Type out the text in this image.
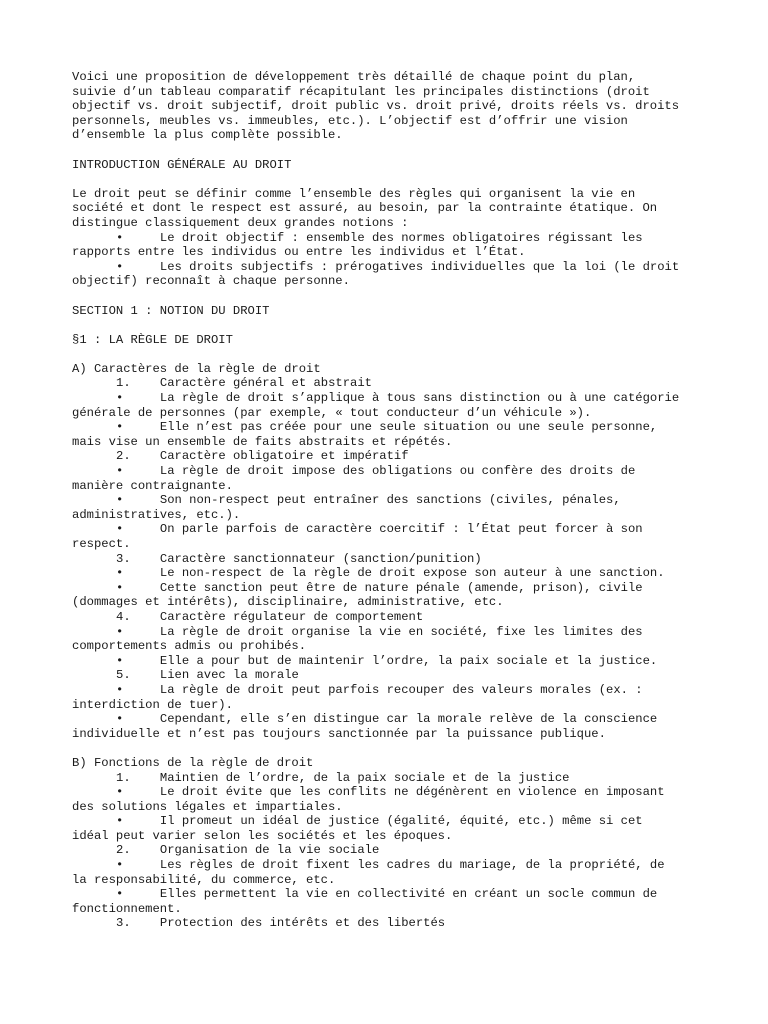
Voici une proposition de développement très détaillé de chaque point du plan,
suivie d’un tableau comparatif récapitulant les principales distinctions (droit
objectif vs. droit subjectif, droit public vs. droit privé, droits réels vs. droits
personnels, meubles vs. immeubles, etc.). L’objectif est d’offrir une vision
d’ensemble la plus complète possible.
INTRODUCTION GÉNÉRALE AU DROIT
Le droit peut se définir comme l’ensemble des règles qui organisent la vie en
société et dont le respect est assuré, au besoin, par la contrainte étatique. On
distingue classiquement deux grandes notions :
•     Le droit objectif : ensemble des normes obligatoires régissant les
rapports entre les individus ou entre les individus et l’État.
•     Les droits subjectifs : prérogatives individuelles que la loi (le droit
objectif) reconnaît à chaque personne.
SECTION 1 : NOTION DU DROIT
§1 : LA RÈGLE DE DROIT
A) Caractères de la règle de droit
1.    Caractère général et abstrait
•     La règle de droit s’applique à tous sans distinction ou à une catégorie
générale de personnes (par exemple, « tout conducteur d’un véhicule »).
•     Elle n’est pas créée pour une seule situation ou une seule personne,
mais vise un ensemble de faits abstraits et répétés.
2.    Caractère obligatoire et impératif
•     La règle de droit impose des obligations ou confère des droits de
manière contraignante.
•     Son non-respect peut entraîner des sanctions (civiles, pénales,
administratives, etc.).
•     On parle parfois de caractère coercitif : l’État peut forcer à son
respect.
3.    Caractère sanctionnateur (sanction/punition)
•     Le non-respect de la règle de droit expose son auteur à une sanction.
•     Cette sanction peut être de nature pénale (amende, prison), civile
(dommages et intérêts), disciplinaire, administrative, etc.
4.    Caractère régulateur de comportement
•     La règle de droit organise la vie en société, fixe les limites des
comportements admis ou prohibés.
•     Elle a pour but de maintenir l’ordre, la paix sociale et la justice.
5.    Lien avec la morale
•     La règle de droit peut parfois recouper des valeurs morales (ex. :
interdiction de tuer).
•     Cependant, elle s’en distingue car la morale relève de la conscience
individuelle et n’est pas toujours sanctionnée par la puissance publique.
B) Fonctions de la règle de droit
1.    Maintien de l’ordre, de la paix sociale et de la justice
•     Le droit évite que les conflits ne dégénèrent en violence en imposant
des solutions légales et impartiales.
•     Il promeut un idéal de justice (égalité, équité, etc.) même si cet
idéal peut varier selon les sociétés et les époques.
2.    Organisation de la vie sociale
•     Les règles de droit fixent les cadres du mariage, de la propriété, de
la responsabilité, du commerce, etc.
•     Elles permettent la vie en collectivité en créant un socle commun de
fonctionnement.
3.    Protection des intérêts et des libertés
